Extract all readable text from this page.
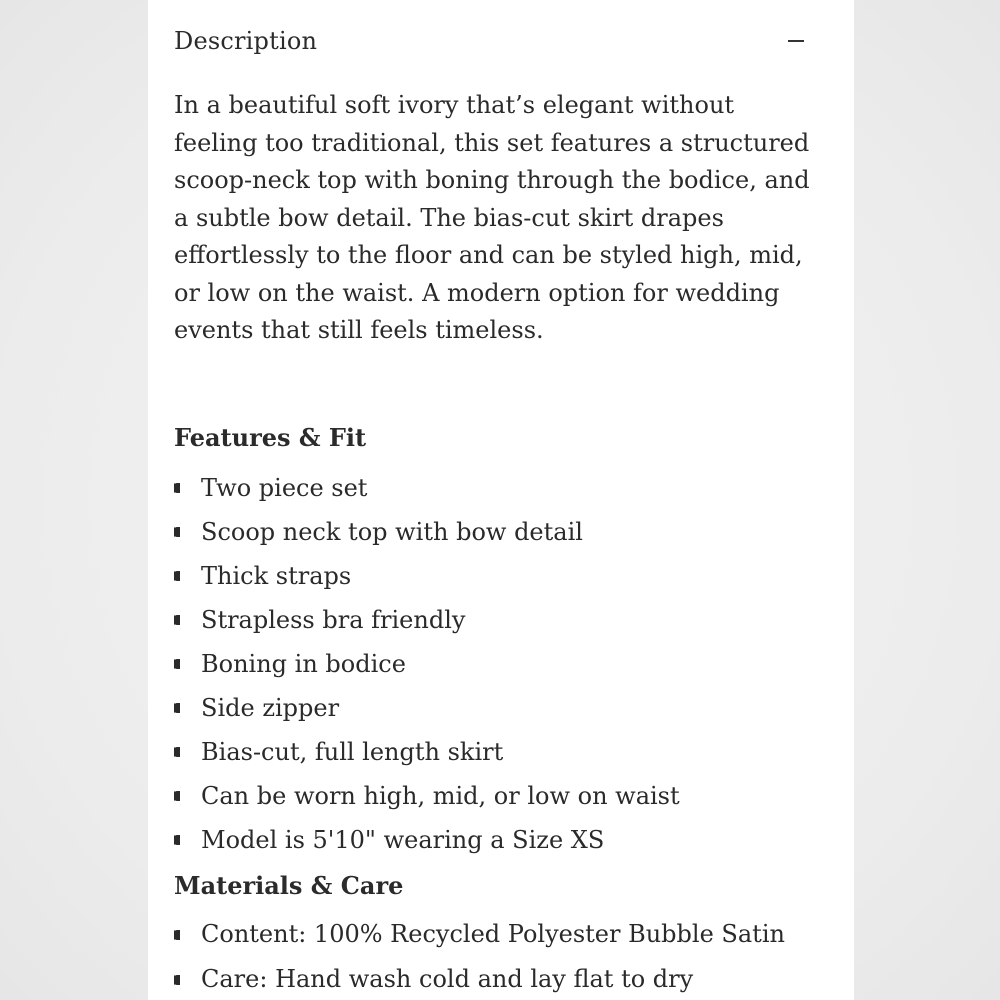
Description

In a beautiful soft ivory that’s elegant without feeling too traditional, this set features a structured scoop-neck top with boning through the bodice, and a subtle bow detail. The bias-cut skirt drapes effortlessly to the floor and can be styled high, mid, or low on the waist. A modern option for wedding events that still feels timeless.

Features & Fit
Two piece set
Scoop neck top with bow detail
Thick straps
Strapless bra friendly
Boning in bodice
Side zipper
Bias-cut, full length skirt
Can be worn high, mid, or low on waist
Model is 5'10" wearing a Size XS
Materials & Care
Content: 100% Recycled Polyester Bubble Satin
Care: Hand wash cold and lay flat to dry
